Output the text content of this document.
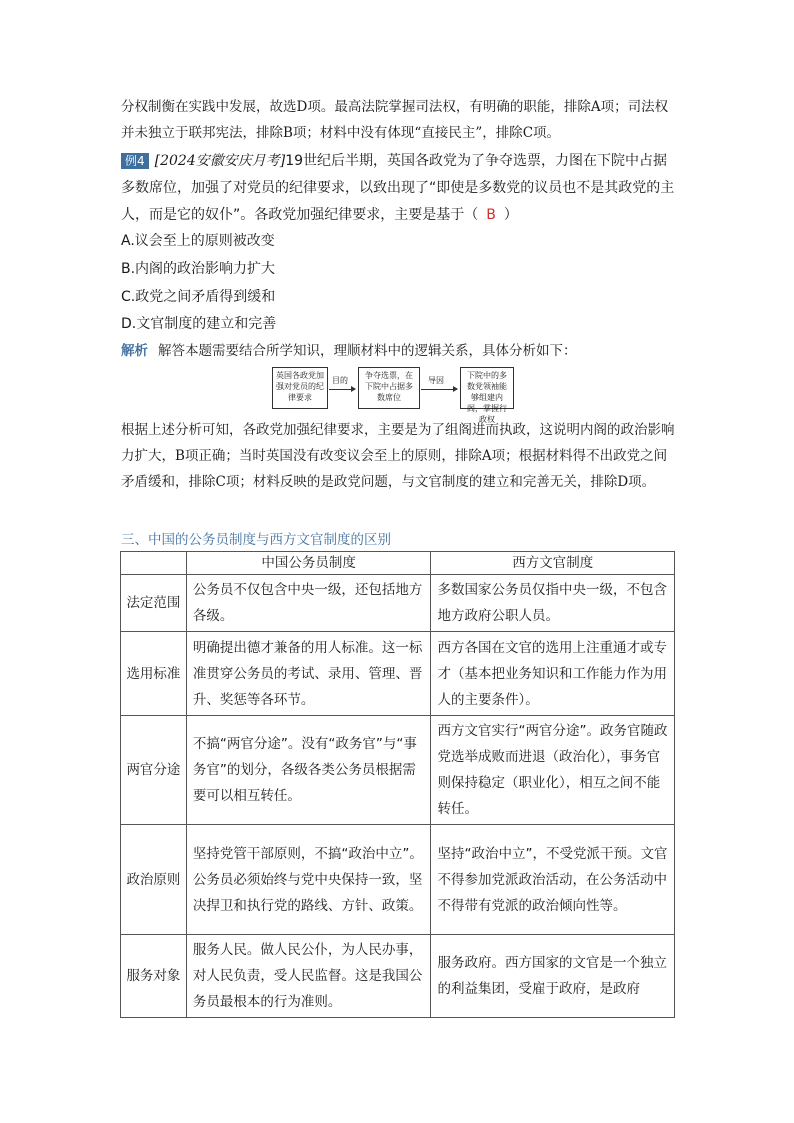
分权制衡在实践中发展，故选D项。最高法院掌握司法权，有明确的职能，排除A项；司法权并未独立于联邦宪法，排除B项；材料中没有体现“直接民主”，排除C项。

例4 [2024安徽安庆月考]19世纪后半期，英国各政党为了争夺选票，力图在下院中占据多数席位，加强了对党员的纪律要求，以致出现了“即使是多数党的议员也不是其政党的主人，而是它的奴仆”。各政党加强纪律要求，主要是基于（ B ）

A.议会至上的原则被改变
B.内阁的政治影响力扩大
C.政党之间矛盾得到缓和
D.文官制度的建立和完善

解析 解答本题需要结合所学知识，理顺材料中的逻辑关系，具体分析如下：

英国各政党加强对党员的纪律要求
目的
争夺选票，在下院中占据多数席位
导因
下院中的多数党领袖能够组建内阁，掌握行政权

根据上述分析可知，各政党加强纪律要求，主要是为了组阁进而执政，这说明内阁的政治影响力扩大，B项正确；当时英国没有改变议会至上的原则，排除A项；根据材料得不出政党之间矛盾缓和，排除C项；材料反映的是政党问题，与文官制度的建立和完善无关，排除D项。

三、中国的公务员制度与西方文官制度的区别
	中国公务员制度	西方文官制度
法定范围	公务员不仅包含中央一级，还包括地方各级。	多数国家公务员仅指中央一级，不包含地方政府公职人员。
选用标准	明确提出德才兼备的用人标准。这一标准贯穿公务员的考试、录用、管理、晋升、奖惩等各环节。	西方各国在文官的选用上注重通才或专才（基本把业务知识和工作能力作为用人的主要条件）。
两官分途	不搞“两官分途”。没有“政务官”与“事务官”的划分，各级各类公务员根据需要可以相互转任。	西方文官实行“两官分途”。政务官随政党选举成败而进退（政治化），事务官则保持稳定（职业化），相互之间不能转任。
政治原则	坚持党管干部原则，不搞“政治中立”。公务员必须始终与党中央保持一致，坚决捍卫和执行党的路线、方针、政策。	坚持“政治中立”，不受党派干预。文官不得参加党派政治活动，在公务活动中不得带有党派的政治倾向性等。
服务对象	服务人民。做人民公仆，为人民办事，对人民负责，受人民监督。这是我国公务员最根本的行为准则。	服务政府。西方国家的文官是一个独立的利益集团，受雇于政府，是政府
